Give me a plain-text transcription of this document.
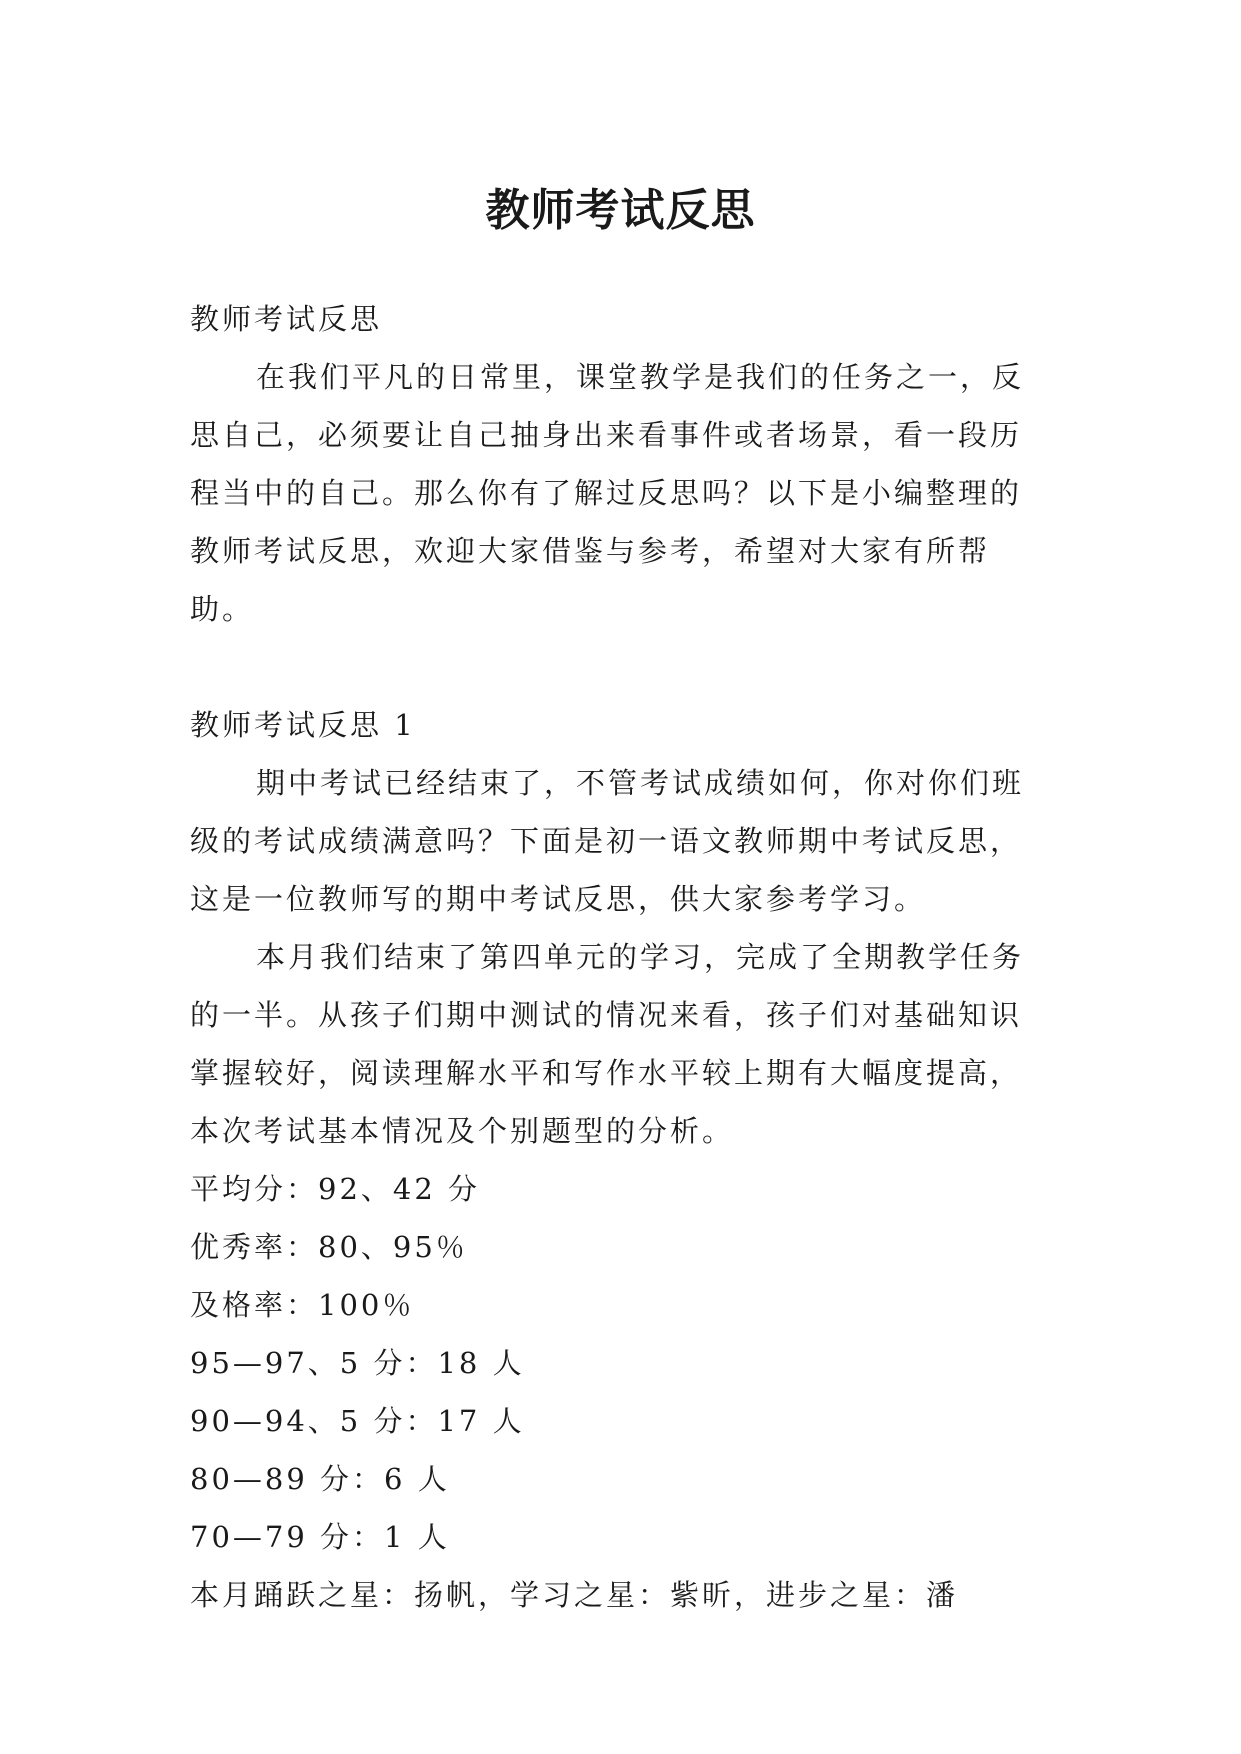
教师考试反思

教师考试反思

在我们平凡的日常里，课堂教学是我们的任务之一，反思自己，必须要让自己抽身出来看事件或者场景，看一段历程当中的自己。那么你有了解过反思吗？以下是小编整理的教师考试反思，欢迎大家借鉴与参考，希望对大家有所帮助。

教师考试反思 1

期中考试已经结束了，不管考试成绩如何，你对你们班级的考试成绩满意吗？下面是初一语文教师期中考试反思，这是一位教师写的期中考试反思，供大家参考学习。

本月我们结束了第四单元的学习，完成了全期教学任务的一半。从孩子们期中测试的情况来看，孩子们对基础知识掌握较好，阅读理解水平和写作水平较上期有大幅度提高，本次考试基本情况及个别题型的分析。

平均分：92、42 分

优秀率：80、95％

及格率：100％

95—97、5 分：18 人

90—94、5 分：17 人

80—89 分：6 人

70—79 分：1 人

本月踊跃之星：扬帆，学习之星：紫昕，进步之星：潘
